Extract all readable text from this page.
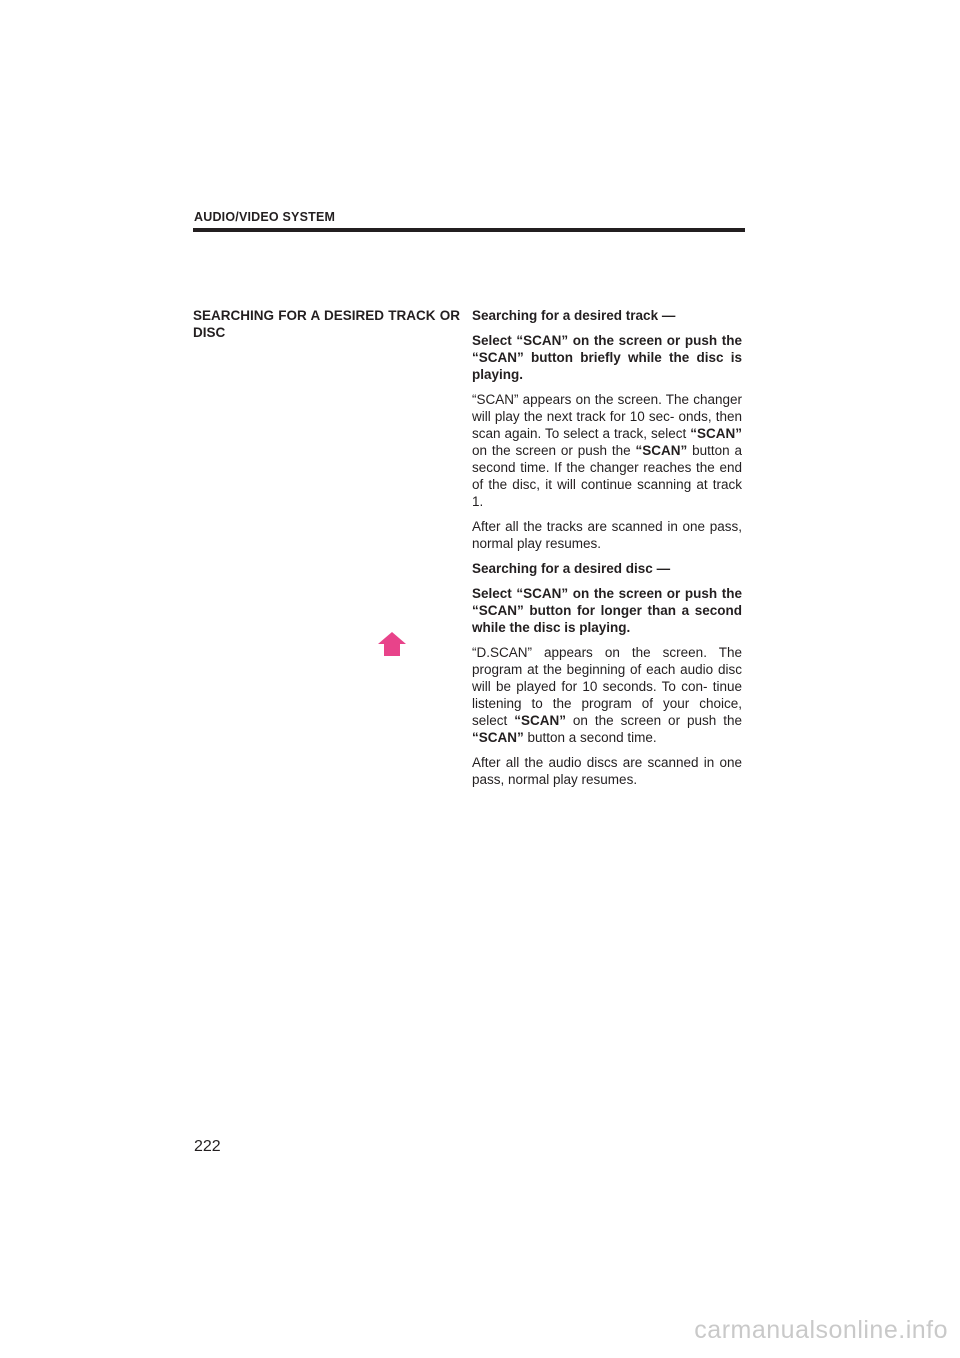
AUDIO/VIDEO SYSTEM
SEARCHING FOR A DESIRED TRACK OR DISC

Searching for a desired track —

Select “SCAN” on the screen or push the “SCAN” button briefly while the disc is playing.

“SCAN” appears on the screen. The changer will play the next track for 10 sec- onds, then scan again. To select a track, select “SCAN” on the screen or push the “SCAN” button a second time. If the changer reaches the end of the disc, it will continue scanning at track 1.

After all the tracks are scanned in one pass, normal play resumes.

Searching for a desired disc —

Select “SCAN” on the screen or push the “SCAN” button for longer than a second while the disc is playing.

“D.SCAN” appears on the screen. The program at the beginning of each audio disc will be played for 10 seconds. To con- tinue listening to the program of your choice, select “SCAN” on the screen or push the “SCAN” button a second time.

After all the audio discs are scanned in one pass, normal play resumes.

222
carmanualsonline.info
